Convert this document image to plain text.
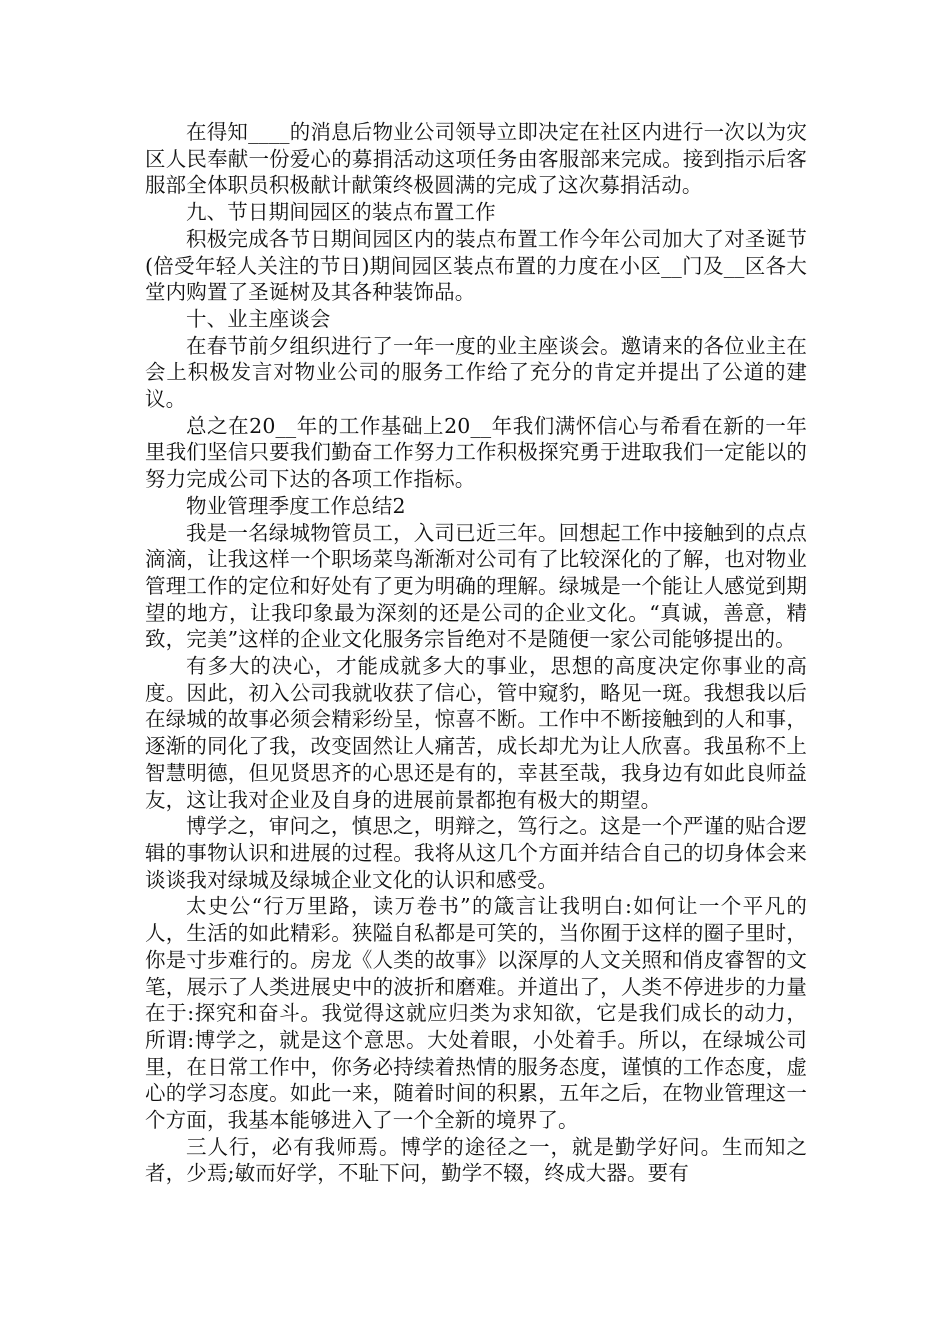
在得知____的消息后物业公司领导立即决定在社区内进行一次以为灾区人民奉献一份爱心的募捐活动这项任务由客服部来完成。接到指示后客服部全体职员积极献计献策终极圆满的完成了这次募捐活动。

九、节日期间园区的装点布置工作

积极完成各节日期间园区内的装点布置工作今年公司加大了对圣诞节(倍受年轻人关注的节日)期间园区装点布置的力度在小区__门及__区各大堂内购置了圣诞树及其各种装饰品。

十、业主座谈会

在春节前夕组织进行了一年一度的业主座谈会。邀请来的各位业主在会上积极发言对物业公司的服务工作给了充分的肯定并提出了公道的建议。

总之在20__年的工作基础上20__年我们满怀信心与希看在新的一年里我们坚信只要我们勤奋工作努力工作积极探究勇于进取我们一定能以的努力完成公司下达的各项工作指标。

物业管理季度工作总结2

我是一名绿城物管员工，入司已近三年。回想起工作中接触到的点点滴滴，让我这样一个职场菜鸟渐渐对公司有了比较深化的了解，也对物业管理工作的定位和好处有了更为明确的理解。绿城是一个能让人感觉到期望的地方，让我印象最为深刻的还是公司的企业文化。“真诚，善意，精致，完美”这样的企业文化服务宗旨绝对不是随便一家公司能够提出的。

有多大的决心，才能成就多大的事业，思想的高度决定你事业的高度。因此，初入公司我就收获了信心，管中窥豹，略见一斑。我想我以后在绿城的故事必须会精彩纷呈，惊喜不断。工作中不断接触到的人和事，逐渐的同化了我，改变固然让人痛苦，成长却尤为让人欣喜。我虽称不上智慧明德，但见贤思齐的心思还是有的，幸甚至哉，我身边有如此良师益友，这让我对企业及自身的进展前景都抱有极大的期望。

博学之，审问之，慎思之，明辩之，笃行之。这是一个严谨的贴合逻辑的事物认识和进展的过程。我将从这几个方面并结合自己的切身体会来谈谈我对绿城及绿城企业文化的认识和感受。

太史公“行万里路，读万卷书”的箴言让我明白:如何让一个平凡的人，生活的如此精彩。狭隘自私都是可笑的，当你囿于这样的圈子里时，你是寸步难行的。房龙《人类的故事》以深厚的人文关照和俏皮睿智的文笔，展示了人类进展史中的波折和磨难。并道出了，人类不停进步的力量在于:探究和奋斗。我觉得这就应归类为求知欲，它是我们成长的动力，所谓:博学之，就是这个意思。大处着眼，小处着手。所以，在绿城公司里，在日常工作中，你务必持续着热情的服务态度，谨慎的工作态度，虚心的学习态度。如此一来，随着时间的积累，五年之后，在物业管理这一个方面，我基本能够进入了一个全新的境界了。

三人行，必有我师焉。博学的途径之一，就是勤学好问。生而知之者，少焉;敏而好学，不耻下问，勤学不辍，终成大器。要有
